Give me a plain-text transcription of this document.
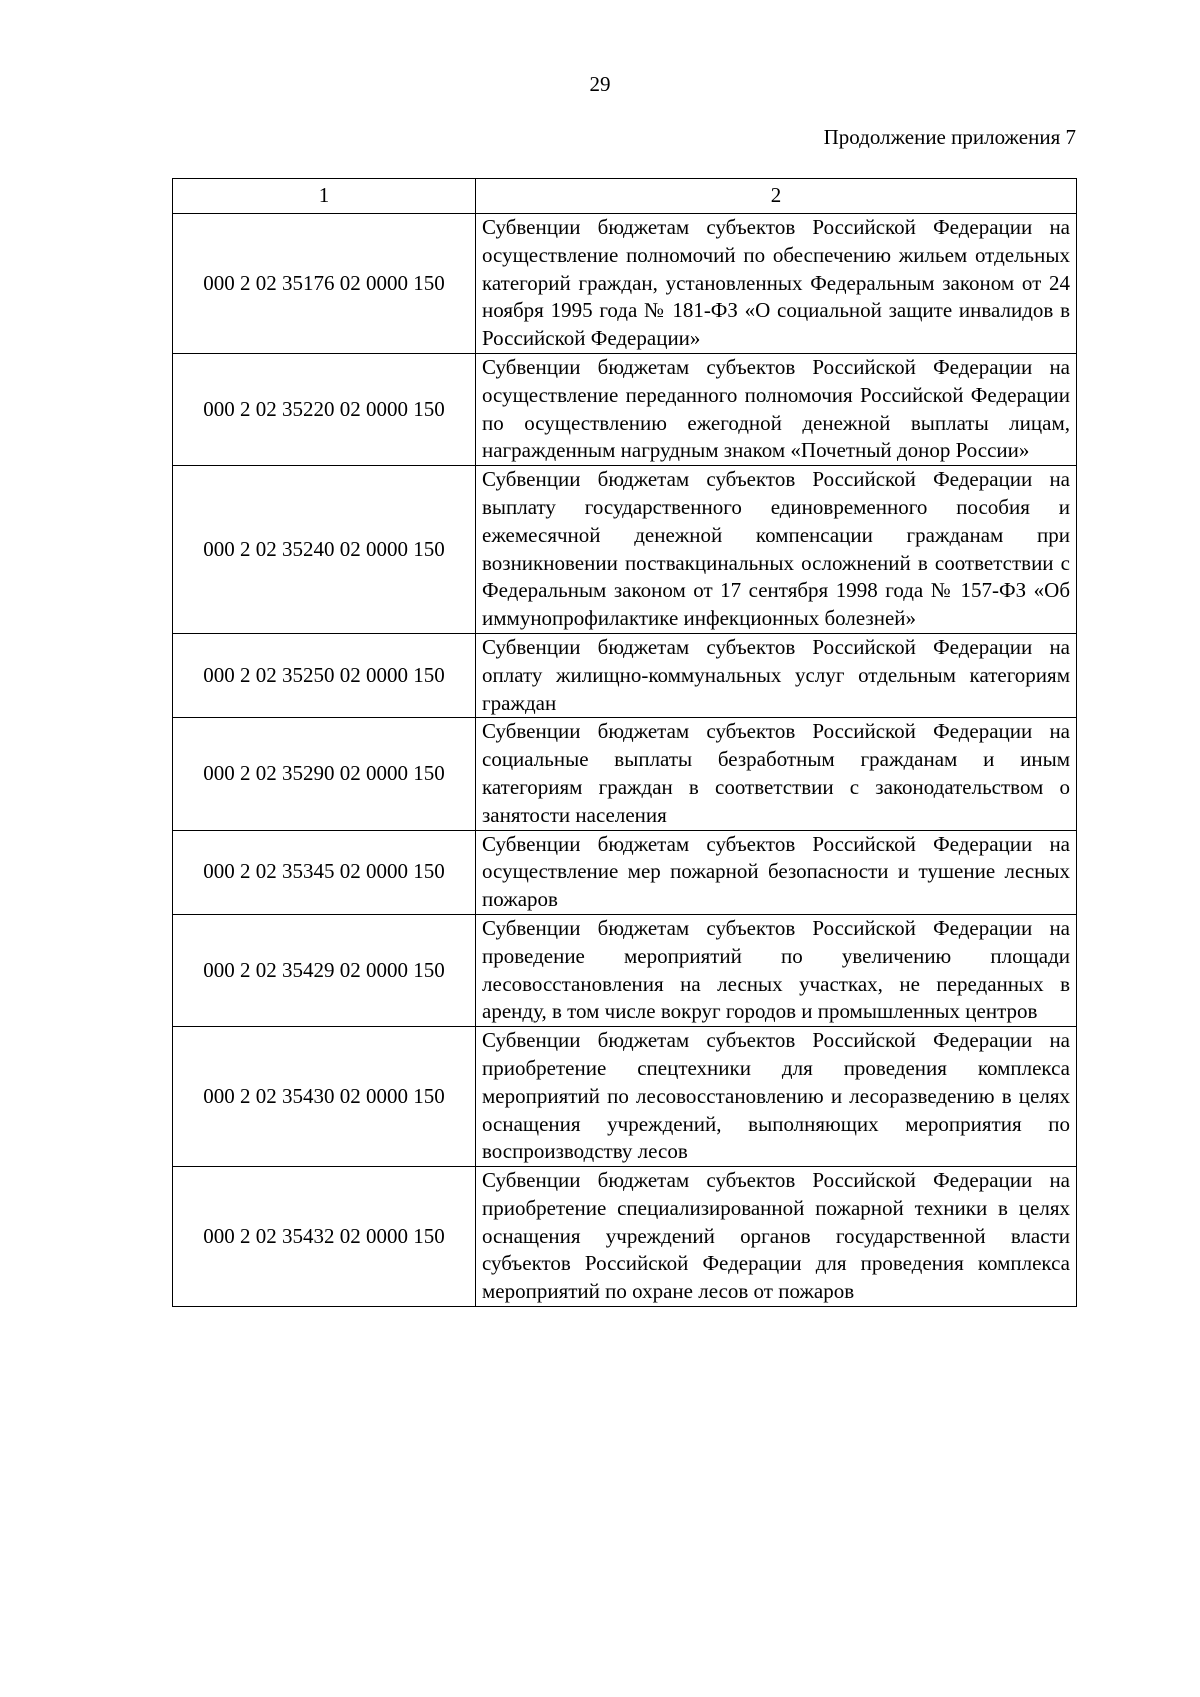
29
Продолжение приложения 7
1	2
000 2 02 35176 02 0000 150	Субвенции бюджетам субъектов Российской Федерации на осуществление полномочий по обеспечению жильем отдельных категорий граждан, установленных Федеральным законом от 24 ноября 1995 года № 181-ФЗ «О социальной защите инвалидов в Российской Федерации»
000 2 02 35220 02 0000 150	Субвенции бюджетам субъектов Российской Федерации на осуществление переданного полномочия Российской Федерации по осуществлению ежегодной денежной выплаты лицам, награжденным нагрудным знаком «Почетный донор России»
000 2 02 35240 02 0000 150	Субвенции бюджетам субъектов Российской Федерации на выплату государственного единовременного пособия и ежемесячной денежной компенсации гражданам при возникновении поствакцинальных осложнений в соответствии с Федеральным законом от 17 сентября 1998 года № 157-ФЗ «Об иммунопрофилактике инфекционных болезней»
000 2 02 35250 02 0000 150	Субвенции бюджетам субъектов Российской Федерации на оплату жилищно-коммунальных услуг отдельным категориям граждан
000 2 02 35290 02 0000 150	Субвенции бюджетам субъектов Российской Федерации на социальные выплаты безработным гражданам и иным категориям граждан в соответствии с законодательством о занятости населения
000 2 02 35345 02 0000 150	Субвенции бюджетам субъектов Российской Федерации на осуществление мер пожарной безопасности и тушение лесных пожаров
000 2 02 35429 02 0000 150	Субвенции бюджетам субъектов Российской Федерации на проведение мероприятий по увеличению площади лесовосстановления на лесных участках, не переданных в аренду, в том числе вокруг городов и промышленных центров
000 2 02 35430 02 0000 150	Субвенции бюджетам субъектов Российской Федерации на приобретение спецтехники для проведения комплекса мероприятий по лесовосстановлению и лесоразведению в целях оснащения учреждений, выполняющих мероприятия по воспроизводству лесов
000 2 02 35432 02 0000 150	Субвенции бюджетам субъектов Российской Федерации на приобретение специализированной пожарной техники в целях оснащения учреждений органов государственной власти субъектов Российской Федерации для проведения комплекса мероприятий по охране лесов от пожаров
